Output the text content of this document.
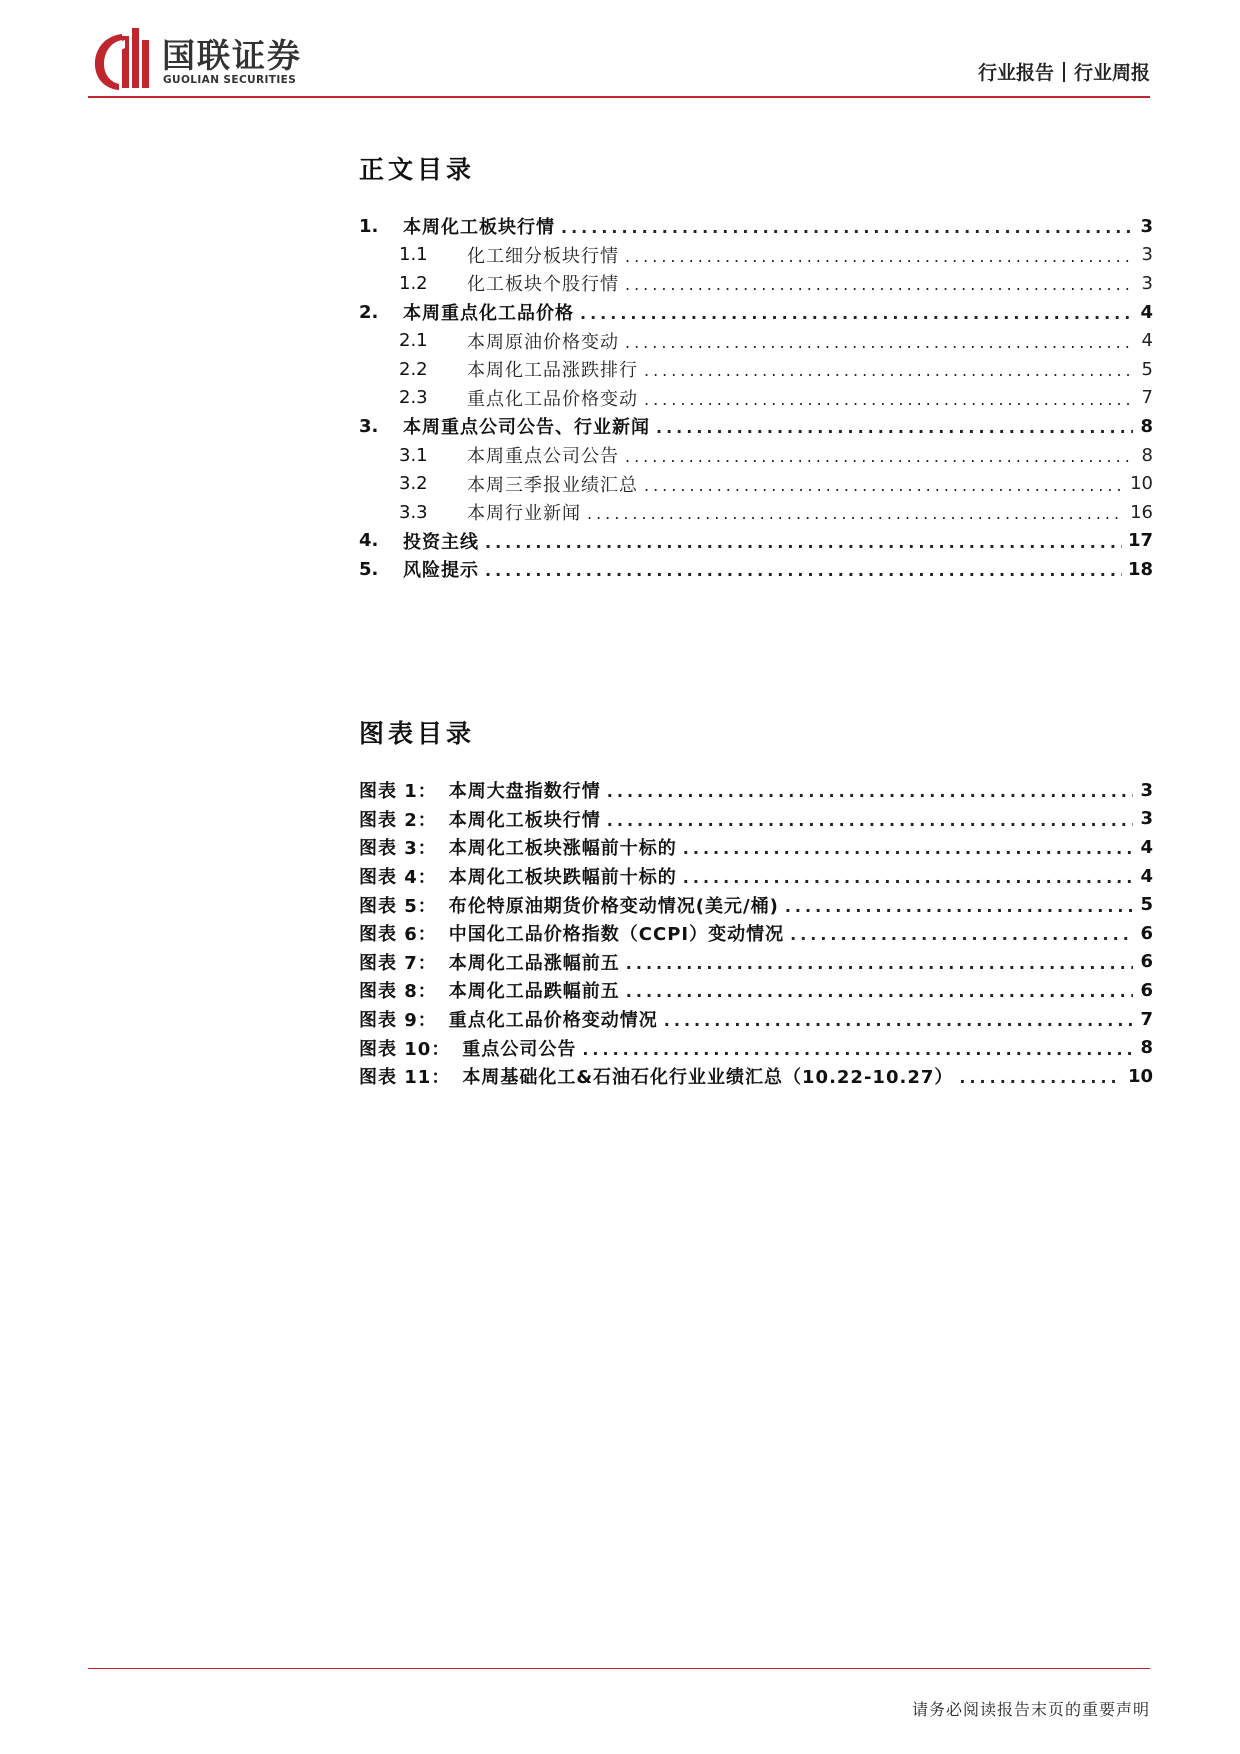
国联证券
GUOLIAN SECURITIES	行业报告 行业周报
正文目录
1.	本周化工板块行情 .....	3
1.1	化工细分板块行情 .....	3
1.2	化工板块个股行情 .....	3
2.	本周重点化工品价格 .....	4
2.1	本周原油价格变动 .....	4
2.2	本周化工品涨跌排行 .....	5
2.3	重点化工品价格变动 .....	7
3.	本周重点公司公告、行业新闻 .....	8
3.1	本周重点公司公告 .....	8
3.2	本周三季报业绩汇总 .....	10
3.3	本周行业新闻 .....	16
4.	投资主线 .....	17
5.	风险提示 .....	18
图表目录
图表 1： 本周大盘指数行情 .....	3
图表 2： 本周化工板块行情 .....	3
图表 3： 本周化工板块涨幅前十标的 .....	4
图表 4： 本周化工板块跌幅前十标的 .....	4
图表 5： 布伦特原油期货价格变动情况(美元/桶) .....	5
图表 6： 中国化工品价格指数（CCPI）变动情况 .....	6
图表 7： 本周化工品涨幅前五 .....	6
图表 8： 本周化工品跌幅前五 .....	6
图表 9： 重点化工品价格变动情况 .....	7
图表 10： 重点公司公告 .....	8
图表 11： 本周基础化工&石油石化行业业绩汇总（10.22-10.27） .....	10
请务必阅读报告末页的重要声明
